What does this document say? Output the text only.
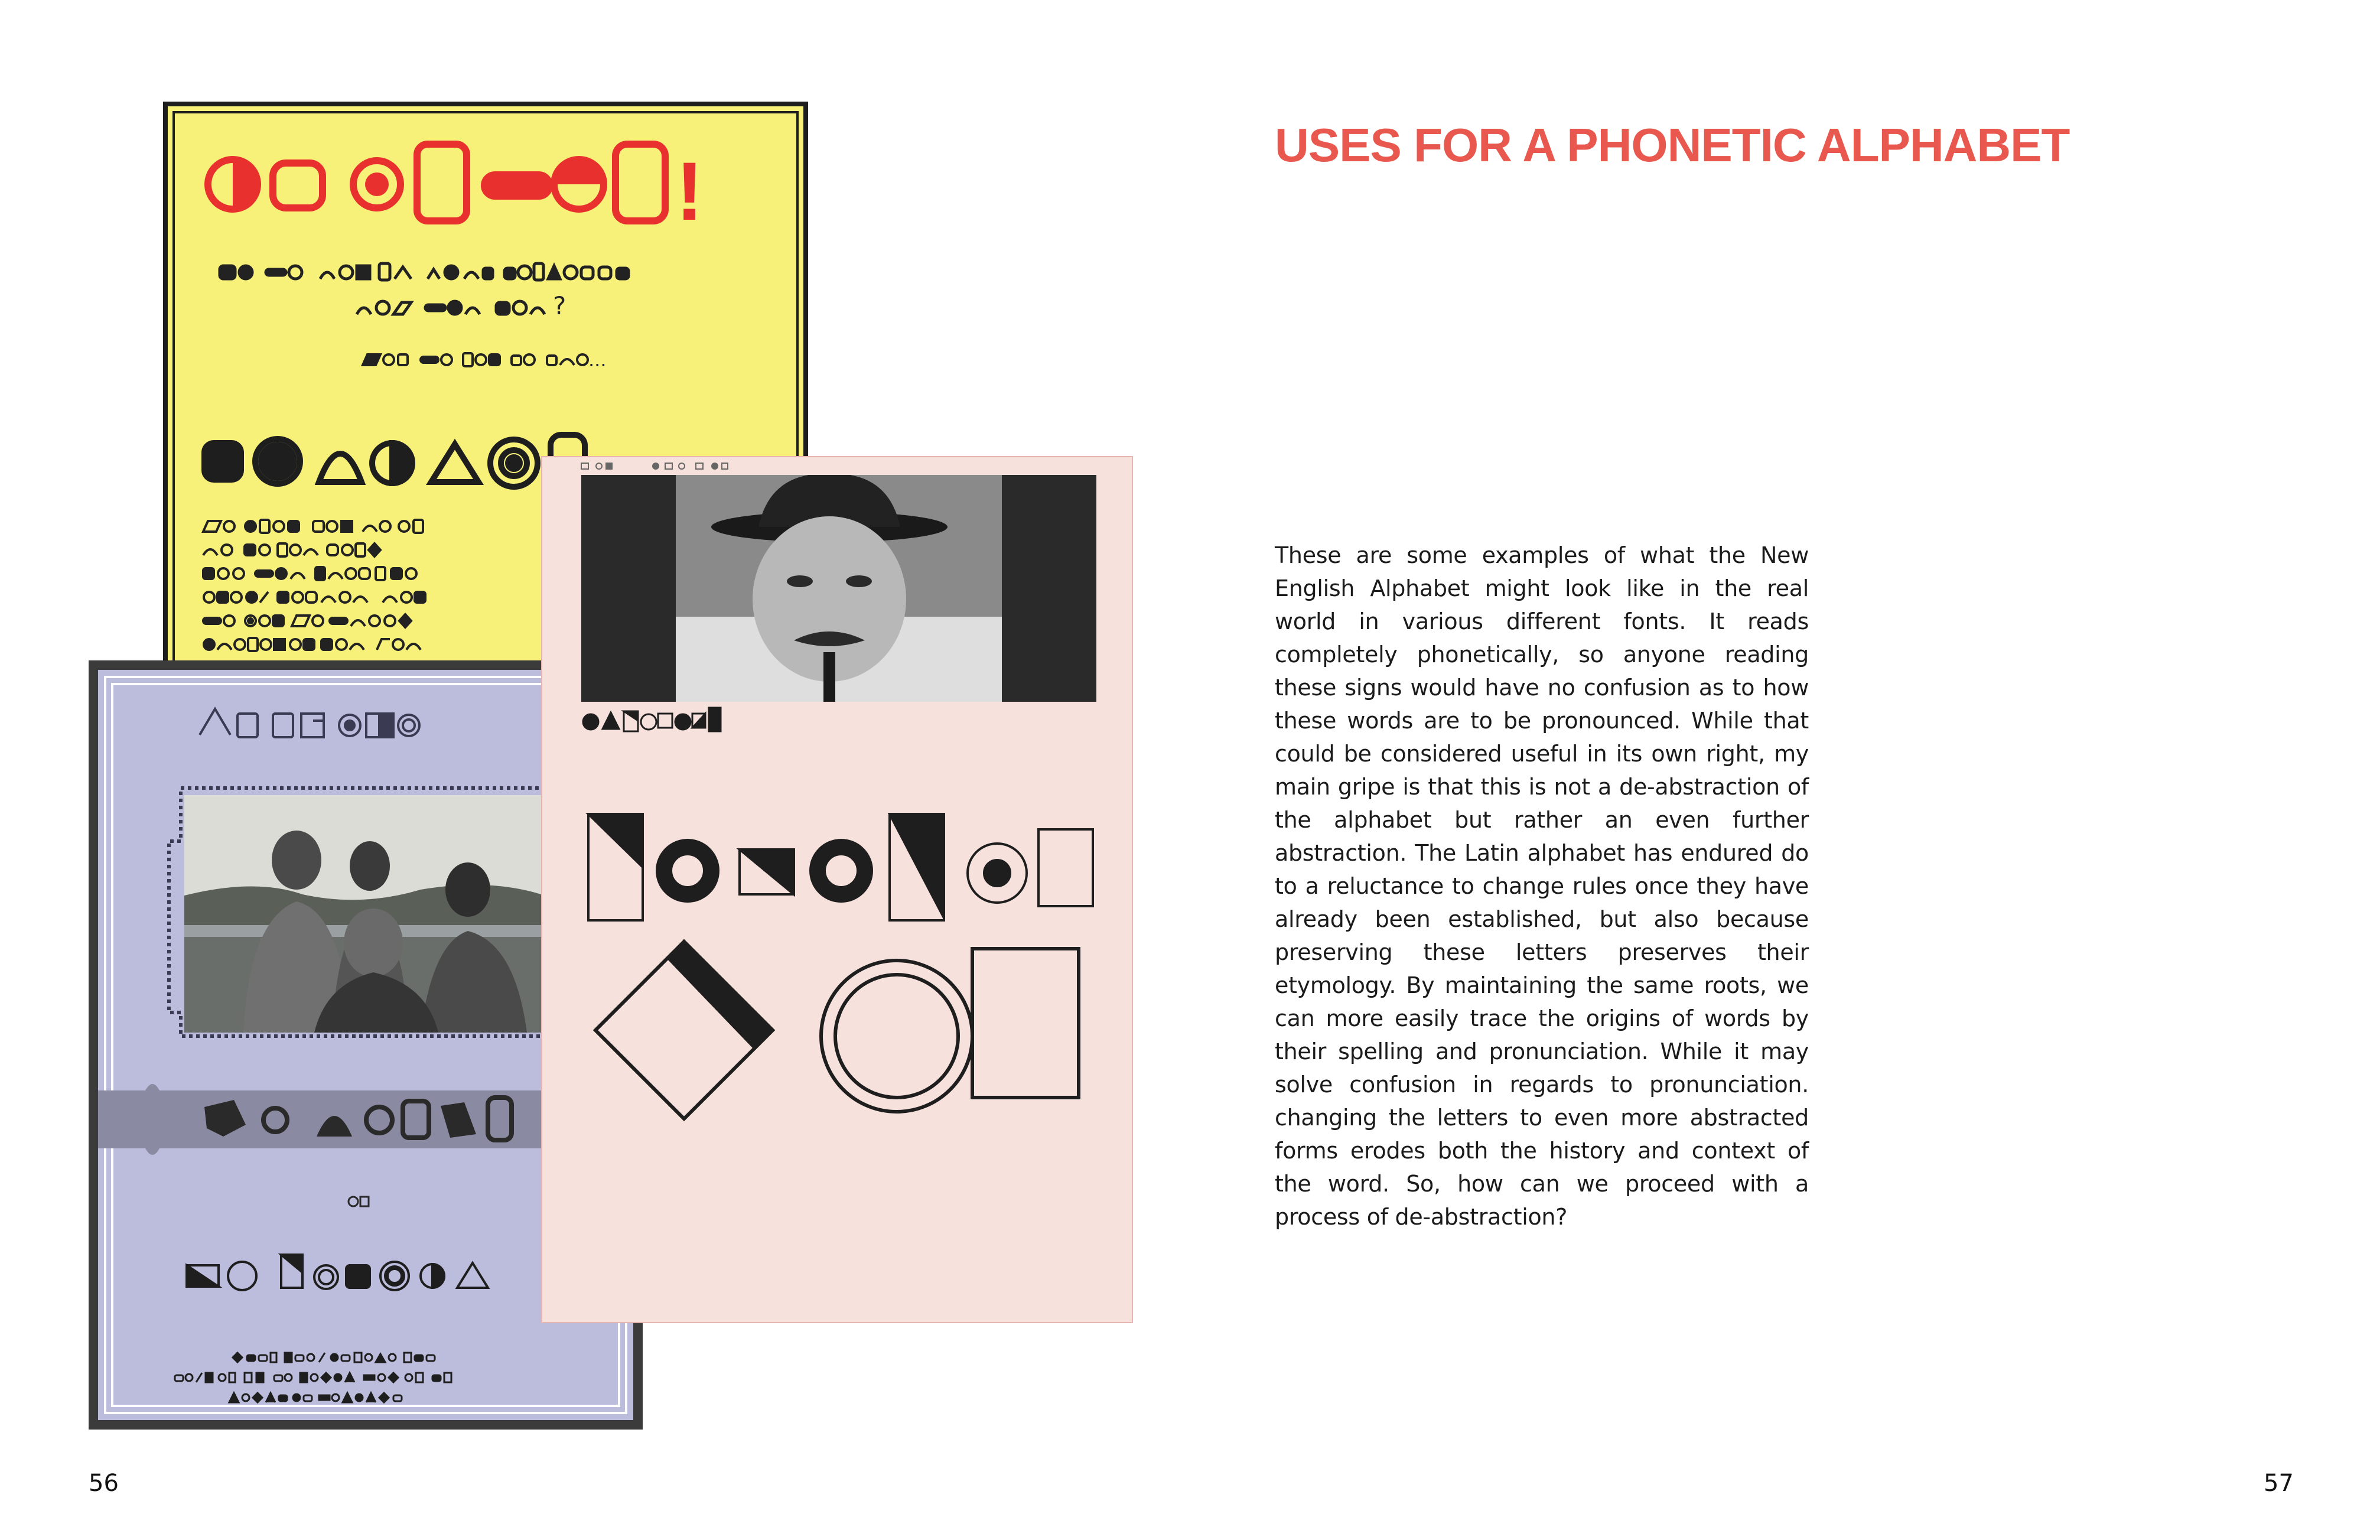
!
?
...
USES FOR A PHONETIC ALPHABET
These are some examples of what the New English Alphabet might look like in the real world in various different fonts. It reads completely phonetically, so anyone reading these signs would have no confusion as to how these words are to be pronounced. While that could be considered useful in its own right, my main gripe is that this is not a de-abstraction of the alphabet but rather an even further abstraction. The Latin alphabet has endured do to a reluctance to change rules once they have already been established, but also because preserving these letters preserves their etymology. By maintaining the same roots, we can more easily trace the origins of words by their spelling and pronunciation. While it may solve confusion in regards to pronunciation. changing the letters to even more abstracted forms erodes both the history and context of the word. So, how can we proceed with a process of de-abstraction?
56	57
